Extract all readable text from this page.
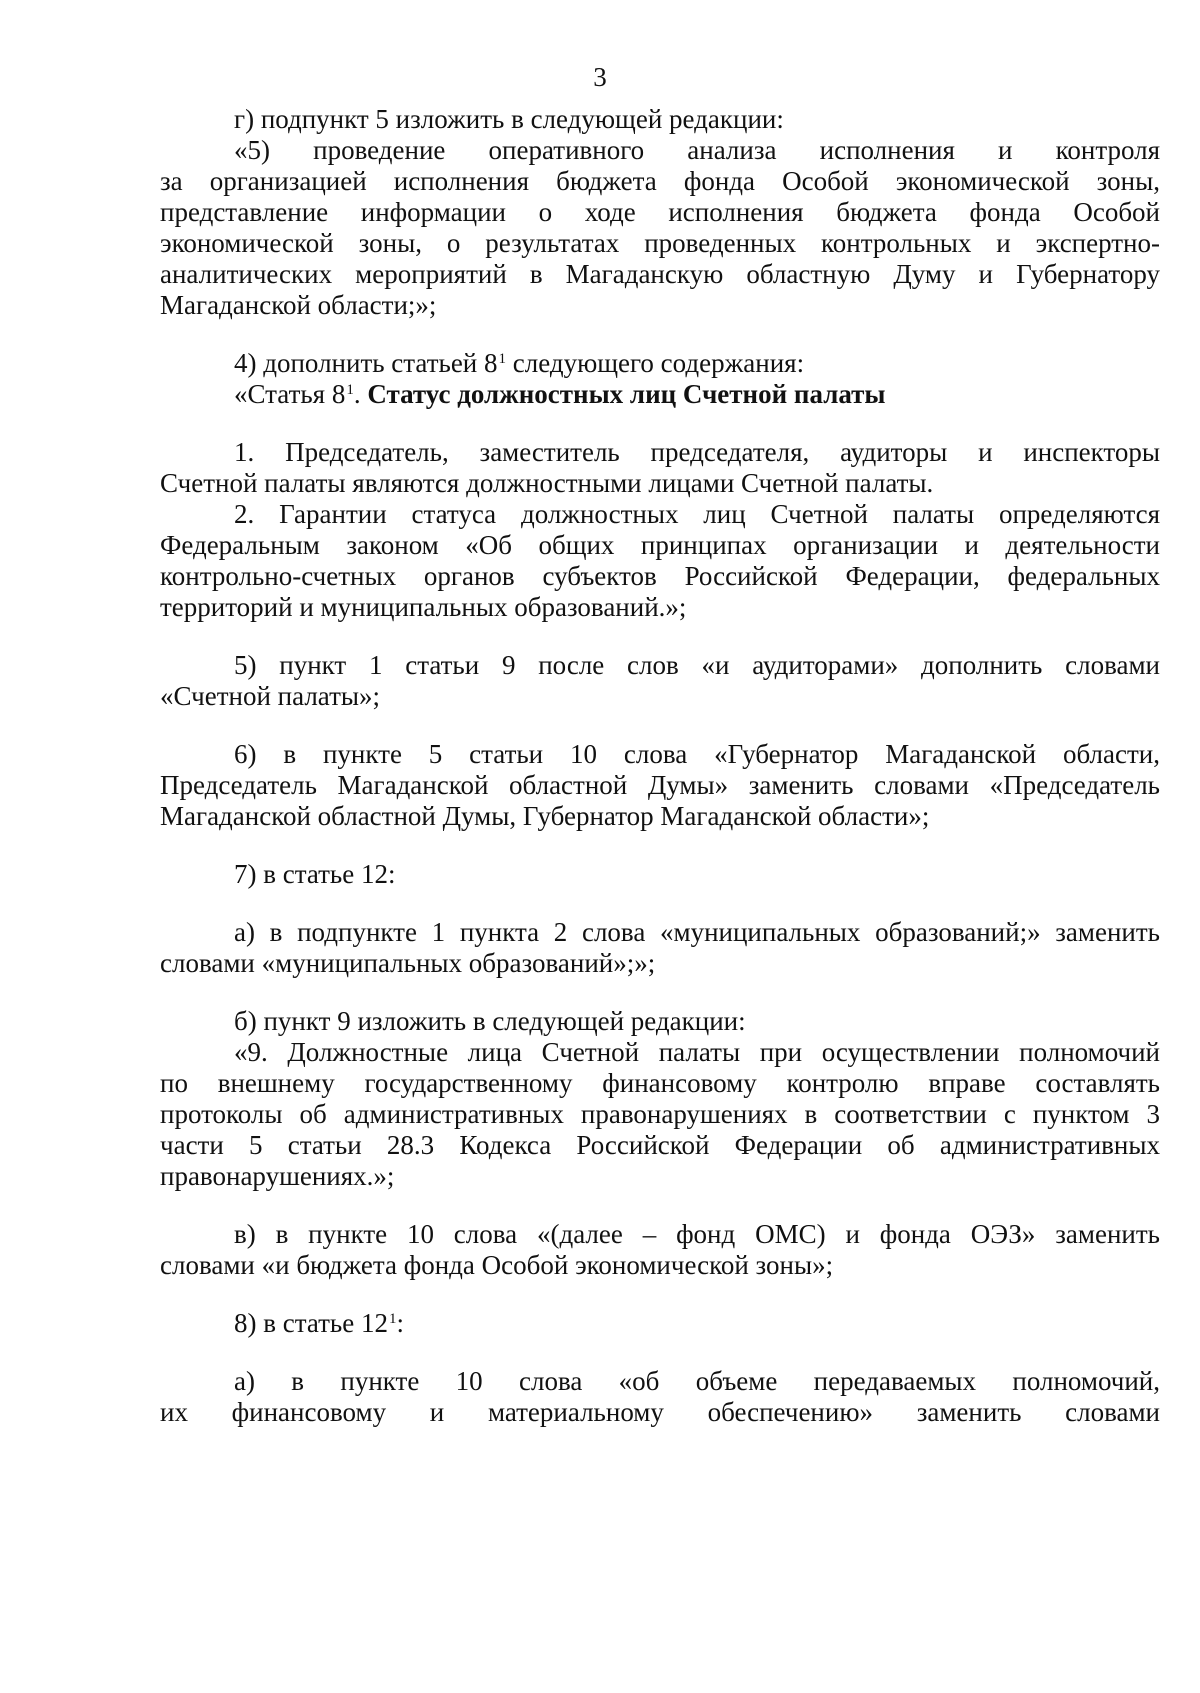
3
г) подпункт 5 изложить в следующей редакции:
«5) проведение оперативного анализа исполнения и контроля
за организацией исполнения бюджета фонда Особой экономической зоны,
представление информации о ходе исполнения бюджета фонда Особой
экономической зоны, о результатах проведенных контрольных и экспертно-
аналитических мероприятий в Магаданскую областную Думу и Губернатору
Магаданской области;»;
4) дополнить статьей $8^1$ следующего содержания:
«Статья $8^1$. Статус должностных лиц Счетной палаты
1. Председатель, заместитель председателя, аудиторы и инспекторы
Счетной палаты являются должностными лицами Счетной палаты.
2. Гарантии статуса должностных лиц Счетной палаты определяются
Федеральным законом «Об общих принципах организации и деятельности
контрольно-счетных органов субъектов Российской Федерации, федеральных
территорий и муниципальных образований.»;
5) пункт 1 статьи 9 после слов «и аудиторами» дополнить словами
«Счетной палаты»;
6) в пункте 5 статьи 10 слова «Губернатор Магаданской области,
Председатель Магаданской областной Думы» заменить словами «Председатель
Магаданской областной Думы, Губернатор Магаданской области»;
7) в статье 12:
а) в подпункте 1 пункта 2 слова «муниципальных образований;» заменить
словами «муниципальных образований»;»;
б) пункт 9 изложить в следующей редакции:
«9. Должностные лица Счетной палаты при осуществлении полномочий
по внешнему государственному финансовому контролю вправе составлять
протоколы об административных правонарушениях в соответствии с пунктом 3
части 5 статьи 28.3 Кодекса Российской Федерации об административных
правонарушениях.»;
в) в пункте 10 слова «(далее – фонд ОМС) и фонда ОЭЗ» заменить
словами «и бюджета фонда Особой экономической зоны»;
8) в статье $12^1$:
а) в пункте 10 слова «об объеме передаваемых полномочий,
их финансовому и материальному обеспечению» заменить словами
